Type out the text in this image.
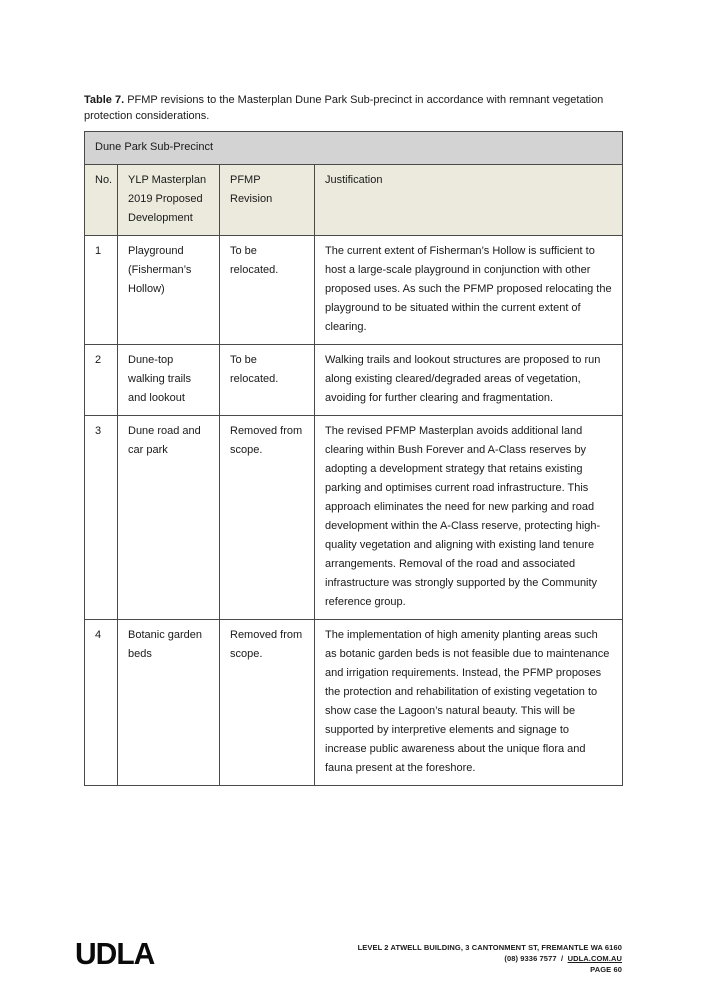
Table 7. PFMP revisions to the Masterplan Dune Park Sub-precinct in accordance with remnant vegetation protection considerations.

Dune Park Sub-Precinct			
No.	YLP Masterplan 2019 Proposed Development	PFMP Revision	Justification
1	Playground (Fisherman’s Hollow)	To be relocated.	The current extent of Fisherman’s Hollow is sufficient to host a large-scale playground in conjunction with other proposed uses. As such the PFMP proposed relocating the playground to be situated within the current extent of clearing.
2	Dune-top walking trails and lookout	To be relocated.	Walking trails and lookout structures are proposed to run along existing cleared/degraded areas of vegetation, avoiding for further clearing and fragmentation.
3	Dune road and car park	Removed from scope.	The revised PFMP Masterplan avoids additional land clearing within Bush Forever and A-Class reserves by adopting a development strategy that retains existing parking and optimises current road infrastructure. This approach eliminates the need for new parking and road development within the A-Class reserve, protecting high-quality vegetation and aligning with existing land tenure arrangements. Removal of the road and associated infrastructure was strongly supported by the Community reference group.
4	Botanic garden beds	Removed from scope.	The implementation of high amenity planting areas such as botanic garden beds is not feasible due to maintenance and irrigation requirements. Instead, the PFMP proposes the protection and rehabilitation of existing vegetation to show case the Lagoon’s natural beauty. This will be supported by interpretive elements and signage to increase public awareness about the unique flora and fauna present at the foreshore.
UDLA	LEVEL 2 ATWELL BUILDING, 3 CANTONMENT ST, FREMANTLE WA 6160
(08) 9336 7577 / UDLA.COM.AU
PAGE 60
